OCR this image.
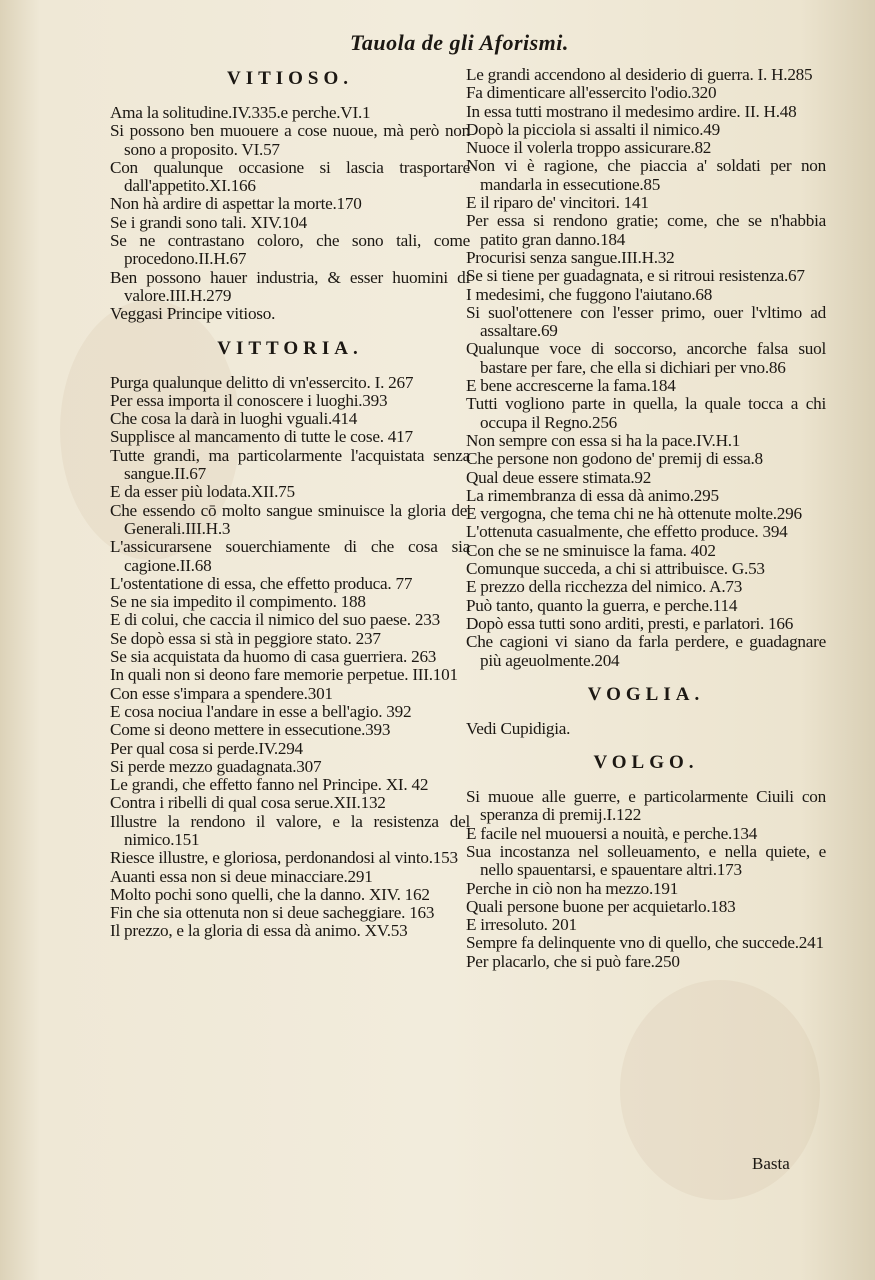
Tauola de gli Aforismi.
VITIOSO.
Ama la solitudine.IV.335.e perche.VI.1
Si possono ben muouere a cose nuoue, mà però non sono a proposito. VI.57
Con qualunque occasione si lascia trasportare dall'appetito.XI.166
Non hà ardire di aspettar la morte.170
Se i grandi sono tali. XIV.104
Se ne contrastano coloro, che sono tali, come procedono.II.H.67
Ben possono hauer industria, & esser huomini di valore.III.H.279
Veggasi Principe vitioso.
VITTORIA.
Purga qualunque delitto di vn'essercito. I. 267
Per essa importa il conoscere i luoghi.393
Che cosa la darà in luoghi vguali.414
Supplisce al mancamento di tutte le cose. 417
Tutte grandi, ma particolarmente l'acquistata senza sangue.II.67
E da esser più lodata.XII.75
Che essendo cō molto sangue sminuisce la gloria de' Generali.III.H.3
L'assicurarsene souerchiamente di che cosa sia cagione.II.68
L'ostentatione di essa, che effetto produca. 77
Se ne sia impedito il compimento. 188
E di colui, che caccia il nimico del suo paese. 233
Se dopò essa si stà in peggiore stato. 237
Se sia acquistata da huomo di casa guerriera. 263
In quali non si deono fare memorie perpetue. III.101
Con esse s'impara a spendere.301
E cosa nociua l'andare in esse a bell'agio. 392
Come si deono mettere in essecutione.393
Per qual cosa si perde.IV.294
Si perde mezzo guadagnata.307
Le grandi, che effetto fanno nel Principe. XI. 42
Contra i ribelli di qual cosa serue.XII.132
Illustre la rendono il valore, e la resistenza del nimico.151
Riesce illustre, e gloriosa, perdonandosi al vinto.153
Auanti essa non si deue minacciare.291
Molto pochi sono quelli, che la danno. XIV. 162
Fin che sia ottenuta non si deue sacheggiare. 163
Il prezzo, e la gloria di essa dà animo. XV.53
Le grandi accendono al desiderio di guerra. I. H.285
Fa dimenticare all'essercito l'odio.320
In essa tutti mostrano il medesimo ardire. II. H.48
Dopò la picciola si assalti il nimico.49
Nuoce il volerla troppo assicurare.82
Non vi è ragione, che piaccia a' soldati per non mandarla in essecutione.85
E il riparo de' vincitori. 141
Per essa si rendono gratie; come, che se n'habbia patito gran danno.184
Procurisi senza sangue.III.H.32
Se si tiene per guadagnata, e si ritroui resistenza.67
I medesimi, che fuggono l'aiutano.68
Si suol'ottenere con l'esser primo, ouer l'vltimo ad assaltare.69
Qualunque voce di soccorso, ancorche falsa suol bastare per fare, che ella si dichiari per vno.86
E bene accrescerne la fama.184
Tutti vogliono parte in quella, la quale tocca a chi occupa il Regno.256
Non sempre con essa si ha la pace.IV.H.1
Che persone non godono de' premij di essa.8
Qual deue essere stimata.92
La rimembranza di essa dà animo.295
E vergogna, che tema chi ne hà ottenute molte.296
L'ottenuta casualmente, che effetto produce. 394
Con che se ne sminuisce la fama. 402
Comunque succeda, a chi si attribuisce. G.53
E prezzo della ricchezza del nimico. A.73
Può tanto, quanto la guerra, e perche.114
Dopò essa tutti sono arditi, presti, e parlatori. 166
Che cagioni vi siano da farla perdere, e guadagnare più ageuolmente.204
VOGLIA.
Vedi Cupidigia.
VOLGO.
Si muoue alle guerre, e particolarmente Ciuili con speranza di premij.I.122
E facile nel muouersi a nouità, e perche.134
Sua incostanza nel solleuamento, e nella quiete, e nello spauentarsi, e spauentare altri.173
Perche in ciò non ha mezzo.191
Quali persone buone per acquietarlo.183
E irresoluto. 201
Sempre fa delinquente vno di quello, che succede.241
Per placarlo, che si può fare.250
Basta
